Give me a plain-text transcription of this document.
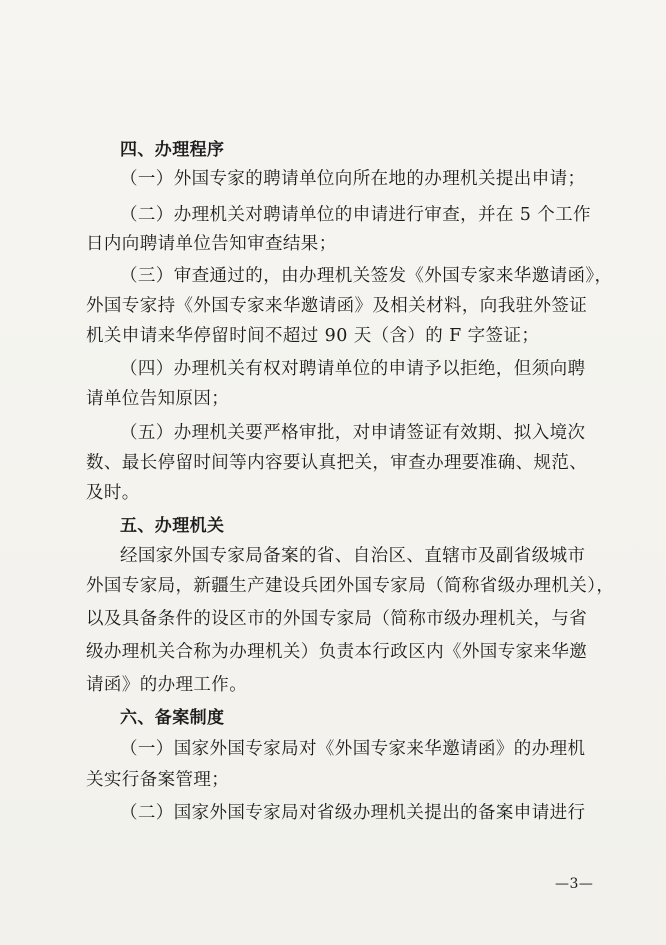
四、办理程序
（一）外国专家的聘请单位向所在地的办理机关提出申请；
（二）办理机关对聘请单位的申请进行审查，并在 5 个工作
日内向聘请单位告知审查结果；
（三）审查通过的，由办理机关签发《外国专家来华邀请函》，
外国专家持《外国专家来华邀请函》及相关材料，向我驻外签证
机关申请来华停留时间不超过 90 天（含）的 F 字签证；
（四）办理机关有权对聘请单位的申请予以拒绝，但须向聘
请单位告知原因；
（五）办理机关要严格审批，对申请签证有效期、拟入境次
数、最长停留时间等内容要认真把关，审查办理要准确、规范、
及时。
五、办理机关
经国家外国专家局备案的省、自治区、直辖市及副省级城市
外国专家局，新疆生产建设兵团外国专家局（简称省级办理机关），
以及具备条件的设区市的外国专家局（简称市级办理机关，与省
级办理机关合称为办理机关）负责本行政区内《外国专家来华邀
请函》的办理工作。
六、备案制度
（一）国家外国专家局对《外国专家来华邀请函》的办理机
关实行备案管理；
（二）国家外国专家局对省级办理机关提出的备案申请进行
—3—
